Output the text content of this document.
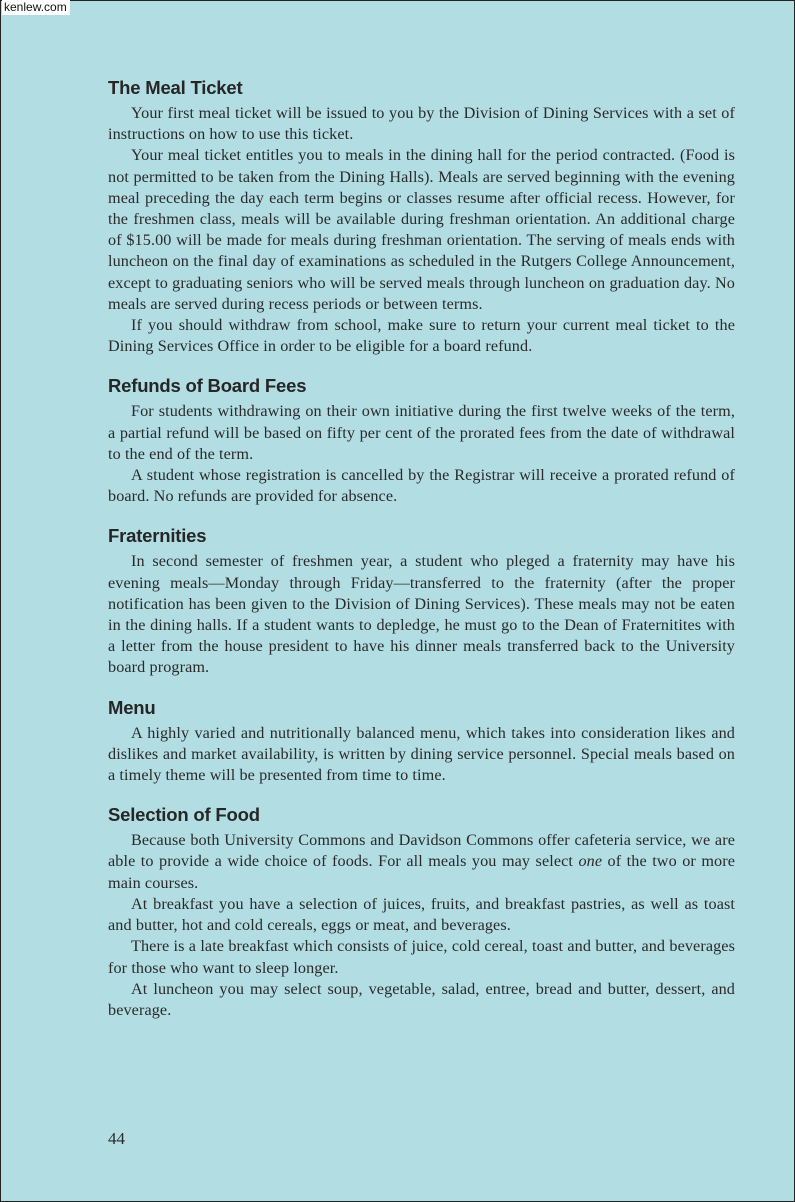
kenlew.com
The Meal Ticket

Your first meal ticket will be issued to you by the Division of Dining Services with a set of instructions on how to use this ticket.

Your meal ticket entitles you to meals in the dining hall for the period contracted. (Food is not permitted to be taken from the Dining Halls). Meals are served beginning with the evening meal preceding the day each term begins or classes resume after official recess. However, for the freshmen class, meals will be available during freshman orientation. An additional charge of $15.00 will be made for meals during freshman orientation. The serving of meals ends with luncheon on the final day of examinations as scheduled in the Rutgers College Announcement, except to graduating seniors who will be served meals through luncheon on graduation day. No meals are served during recess periods or between terms.

If you should withdraw from school, make sure to return your current meal ticket to the Dining Services Office in order to be eligible for a board refund.

Refunds of Board Fees

For students withdrawing on their own initiative during the first twelve weeks of the term, a partial refund will be based on fifty per cent of the prorated fees from the date of withdrawal to the end of the term.

A student whose registration is cancelled by the Registrar will receive a prorated refund of board. No refunds are provided for absence.

Fraternities

In second semester of freshmen year, a student who pleged a fraternity may have his evening meals—Monday through Friday—transferred to the fraternity (after the proper notification has been given to the Division of Dining Services). These meals may not be eaten in the dining halls. If a student wants to depledge, he must go to the Dean of Fraternitites with a letter from the house president to have his dinner meals transferred back to the University board program.

Menu

A highly varied and nutritionally balanced menu, which takes into consideration likes and dislikes and market availability, is written by dining service personnel. Special meals based on a timely theme will be presented from time to time.

Selection of Food

Because both University Commons and Davidson Commons offer cafeteria service, we are able to provide a wide choice of foods. For all meals you may select one of the two or more main courses.

At breakfast you have a selection of juices, fruits, and breakfast pastries, as well as toast and butter, hot and cold cereals, eggs or meat, and beverages.

There is a late breakfast which consists of juice, cold cereal, toast and butter, and beverages for those who want to sleep longer.

At luncheon you may select soup, vegetable, salad, entree, bread and butter, dessert, and beverage.

44
